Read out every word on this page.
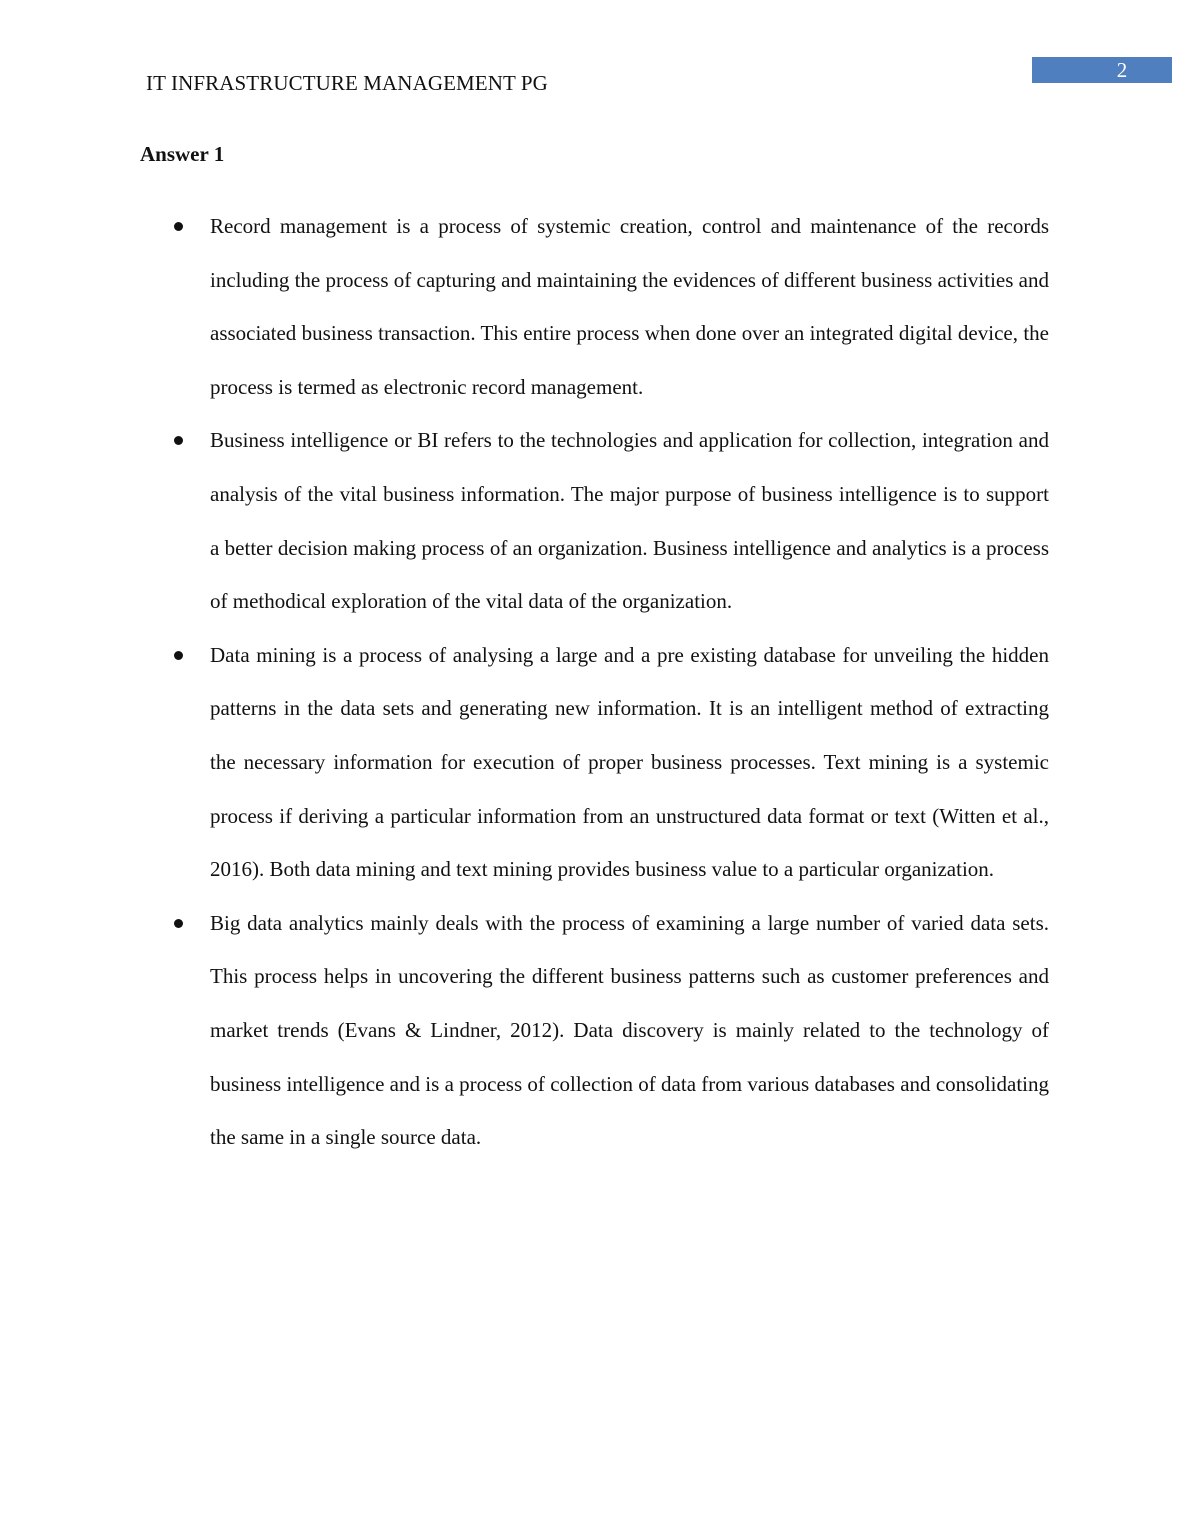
2
IT INFRASTRUCTURE MANAGEMENT PG
Answer 1
Record management is a process of systemic creation, control and maintenance of the records including the process of capturing and maintaining the evidences of different business activities and associated business transaction. This entire process when done over an integrated digital device, the process is termed as electronic record management.
Business intelligence or BI refers to the technologies and application for collection, integration and analysis of the vital business information. The major purpose of business intelligence is to support a better decision making process of an organization. Business intelligence and analytics is a process of methodical exploration of the vital data of the organization.
Data mining is a process of analysing a large and a pre existing database for unveiling the hidden patterns in the data sets and generating new information. It is an intelligent method of extracting the necessary information for execution of proper business processes. Text mining is a systemic process if deriving a particular information from an unstructured data format or text (Witten et al., 2016). Both data mining and text mining provides business value to a particular organization.
Big data analytics mainly deals with the process of examining a large number of varied data sets. This process helps in uncovering the different business patterns such as customer preferences and market trends (Evans & Lindner, 2012). Data discovery is mainly related to the technology of business intelligence and is a process of collection of data from various databases and consolidating the same in a single source data.
